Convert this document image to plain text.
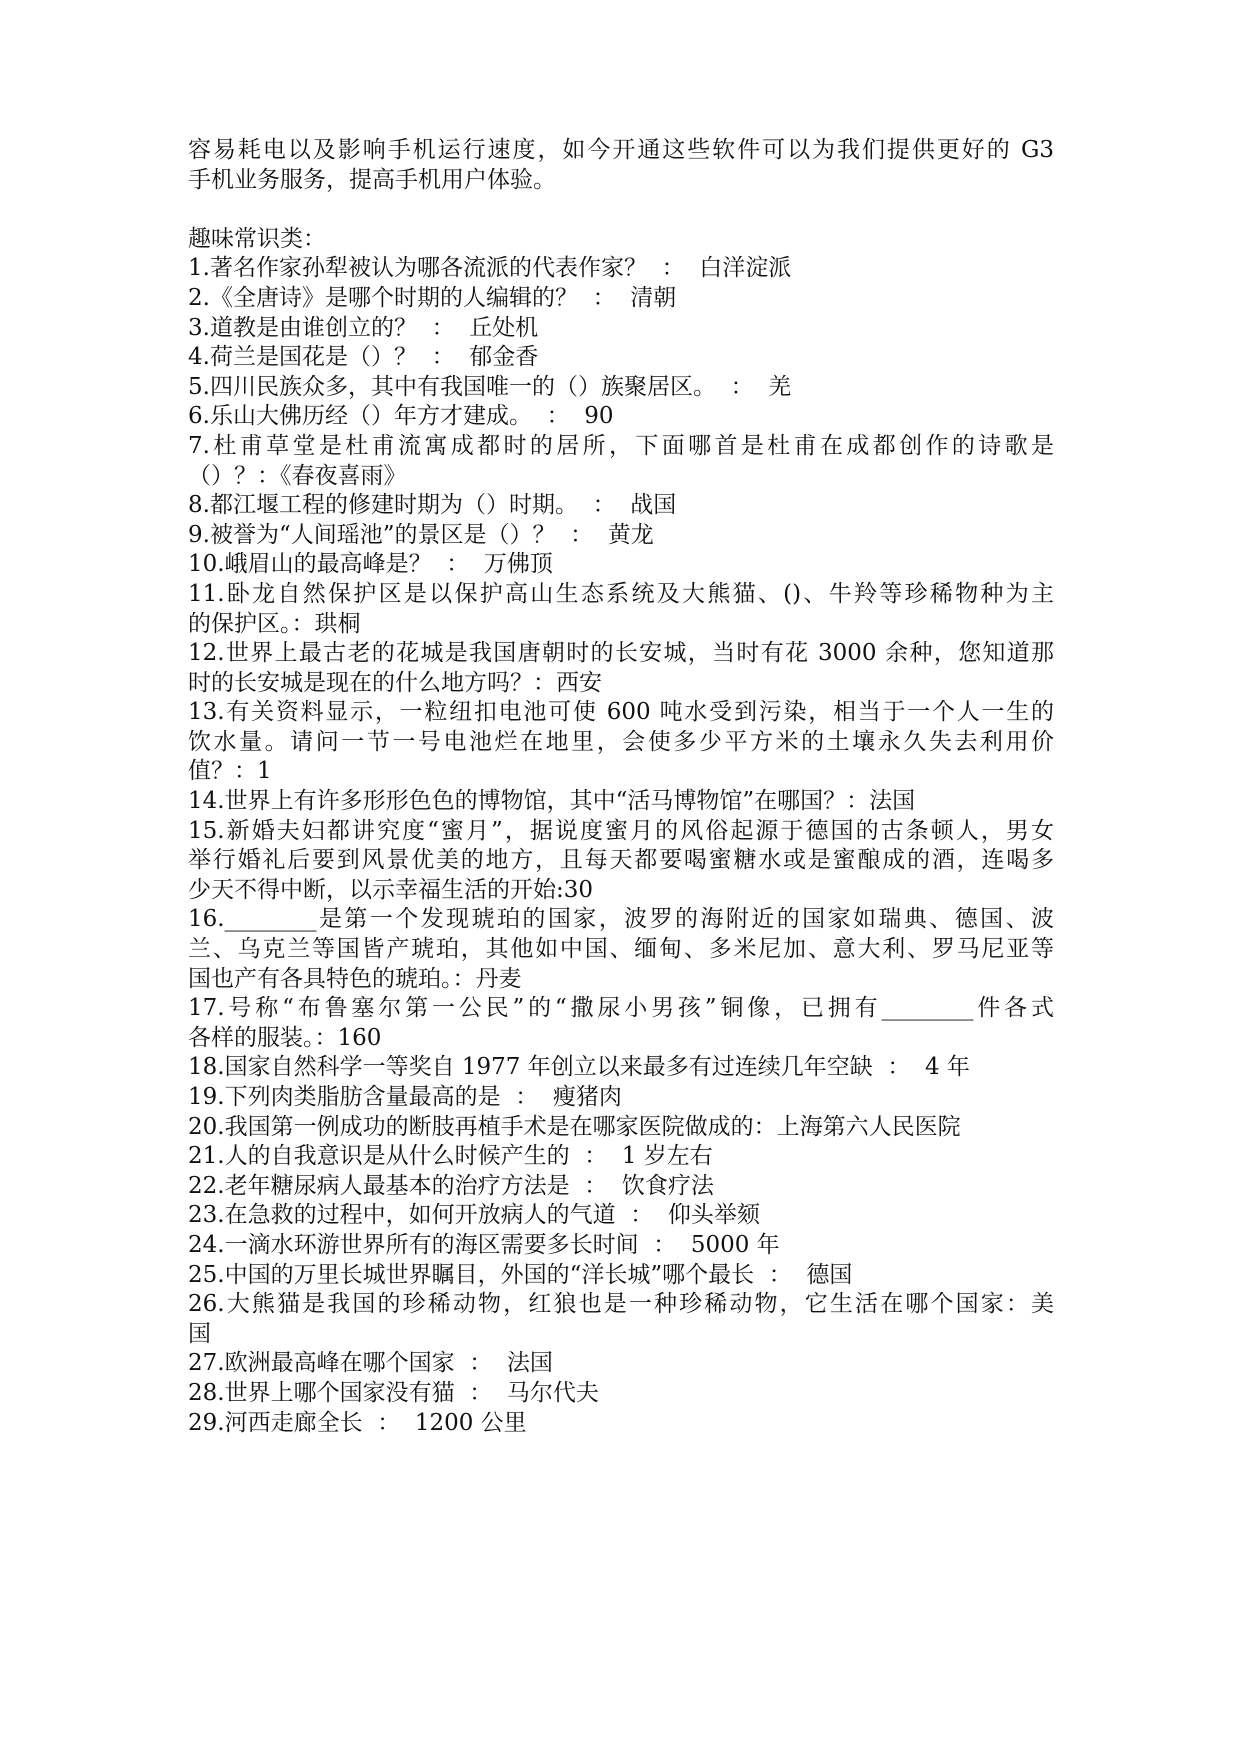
容易耗电以及影响手机运行速度，如今开通这些软件可以为我们提供更好的 G3
手机业务服务，提高手机用户体验。
趣味常识类：
1.著名作家孙犁被认为哪各流派的代表作家？  ：  白洋淀派
2.《全唐诗》是哪个时期的人编辑的？  ：  清朝
3.道教是由谁创立的？  ：  丘处机
4.荷兰是国花是（）？  ：  郁金香
5.四川民族众多，其中有我国唯一的（）族聚居区。  ：  羌
6.乐山大佛历经（）年方才建成。  ：  90
7.杜甫草堂是杜甫流寓成都时的居所，下面哪首是杜甫在成都创作的诗歌是
（）？：《春夜喜雨》
8.都江堰工程的修建时期为（）时期。  ：  战国
9.被誉为“人间瑶池”的景区是（）？  ：  黄龙
10.峨眉山的最高峰是？  ：  万佛顶
11.卧龙自然保护区是以保护高山生态系统及大熊猫、()、牛羚等珍稀物种为主
的保护区。：珙桐
12.世界上最古老的花城是我国唐朝时的长安城，当时有花 3000 余种，您知道那
时的长安城是现在的什么地方吗？：西安
13.有关资料显示，一粒纽扣电池可使 600 吨水受到污染，相当于一个人一生的
饮水量。请问一节一号电池烂在地里，会使多少平方米的土壤永久失去利用价
值？：1
14.世界上有许多形形色色的博物馆，其中“活马博物馆”在哪国？：法国
15.新婚夫妇都讲究度“蜜月”，据说度蜜月的风俗起源于德国的古条顿人，男女
举行婚礼后要到风景优美的地方，且每天都要喝蜜糖水或是蜜酿成的酒，连喝多
少天不得中断，以示幸福生活的开始:30
16.________是第一个发现琥珀的国家，波罗的海附近的国家如瑞典、德国、波
兰、乌克兰等国皆产琥珀，其他如中国、缅甸、多米尼加、意大利、罗马尼亚等
国也产有各具特色的琥珀。：丹麦
17.号称“布鲁塞尔第一公民”的“撒尿小男孩”铜像，已拥有________件各式
各样的服装。：160
18.国家自然科学一等奖自 1977 年创立以来最多有过连续几年空缺  ：  4 年
19.下列肉类脂肪含量最高的是  ：  瘦猪肉
20.我国第一例成功的断肢再植手术是在哪家医院做成的：上海第六人民医院
21.人的自我意识是从什么时候产生的  ：  1 岁左右
22.老年糖尿病人最基本的治疗方法是  ：  饮食疗法
23.在急救的过程中，如何开放病人的气道  ：  仰头举颏
24.一滴水环游世界所有的海区需要多长时间  ：  5000 年
25.中国的万里长城世界瞩目，外国的“洋长城”哪个最长  ：  德国
26.大熊猫是我国的珍稀动物，红狼也是一种珍稀动物，它生活在哪个国家：美
国
27.欧洲最高峰在哪个国家  ：  法国
28.世界上哪个国家没有猫  ：  马尔代夫
29.河西走廊全长  ：  1200 公里
